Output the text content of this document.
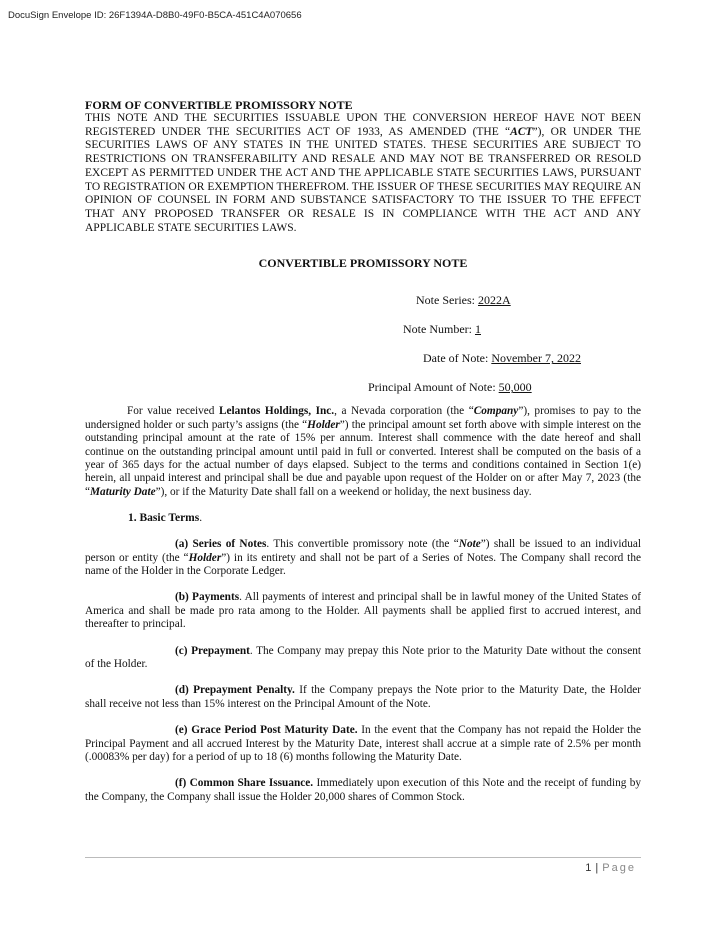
DocuSign Envelope ID: 26F1394A-D8B0-49F0-B5CA-451C4A070656
FORM OF CONVERTIBLE PROMISSORY NOTE

THIS NOTE AND THE SECURITIES ISSUABLE UPON THE CONVERSION HEREOF HAVE NOT BEEN REGISTERED UNDER THE SECURITIES ACT OF 1933, AS AMENDED (THE “ACT”), OR UNDER THE SECURITIES LAWS OF ANY STATES IN THE UNITED STATES. THESE SECURITIES ARE SUBJECT TO RESTRICTIONS ON TRANSFERABILITY AND RESALE AND MAY NOT BE TRANSFERRED OR RESOLD EXCEPT AS PERMITTED UNDER THE ACT AND THE APPLICABLE STATE SECURITIES LAWS, PURSUANT TO REGISTRATION OR EXEMPTION THEREFROM. THE ISSUER OF THESE SECURITIES MAY REQUIRE AN OPINION OF COUNSEL IN FORM AND SUBSTANCE SATISFACTORY TO THE ISSUER TO THE EFFECT THAT ANY PROPOSED TRANSFER OR RESALE IS IN COMPLIANCE WITH THE ACT AND ANY APPLICABLE STATE SECURITIES LAWS.

CONVERTIBLE PROMISSORY NOTE
Note Series: 2022A
Note Number: 1
Date of Note: November 7, 2022
Principal Amount of Note: 50,000

For value received Lelantos Holdings, Inc., a Nevada corporation (the “Company”), promises to pay to the undersigned holder or such party’s assigns (the “Holder”) the principal amount set forth above with simple interest on the outstanding principal amount at the rate of 15% per annum. Interest shall commence with the date hereof and shall continue on the outstanding principal amount until paid in full or converted. Interest shall be computed on the basis of a year of 365 days for the actual number of days elapsed. Subject to the terms and conditions contained in Section 1(e) herein, all unpaid interest and principal shall be due and payable upon request of the Holder on or after May 7, 2023 (the “Maturity Date”), or if the Maturity Date shall fall on a weekend or holiday, the next business day.

1. Basic Terms.

(a) Series of Notes. This convertible promissory note (the “Note”) shall be issued to an individual person or entity (the “Holder”) in its entirety and shall not be part of a Series of Notes. The Company shall record the name of the Holder in the Corporate Ledger.

(b) Payments. All payments of interest and principal shall be in lawful money of the United States of America and shall be made pro rata among to the Holder. All payments shall be applied first to accrued interest, and thereafter to principal.

(c) Prepayment. The Company may prepay this Note prior to the Maturity Date without the consent of the Holder.

(d) Prepayment Penalty. If the Company prepays the Note prior to the Maturity Date, the Holder shall receive not less than 15% interest on the Principal Amount of the Note.

(e) Grace Period Post Maturity Date. In the event that the Company has not repaid the Holder the Principal Payment and all accrued Interest by the Maturity Date, interest shall accrue at a simple rate of 2.5% per month (.00083% per day) for a period of up to 18 (6) months following the Maturity Date.

(f) Common Share Issuance. Immediately upon execution of this Note and the receipt of funding by the Company, the Company shall issue the Holder 20,000 shares of Common Stock.

1 | Page
